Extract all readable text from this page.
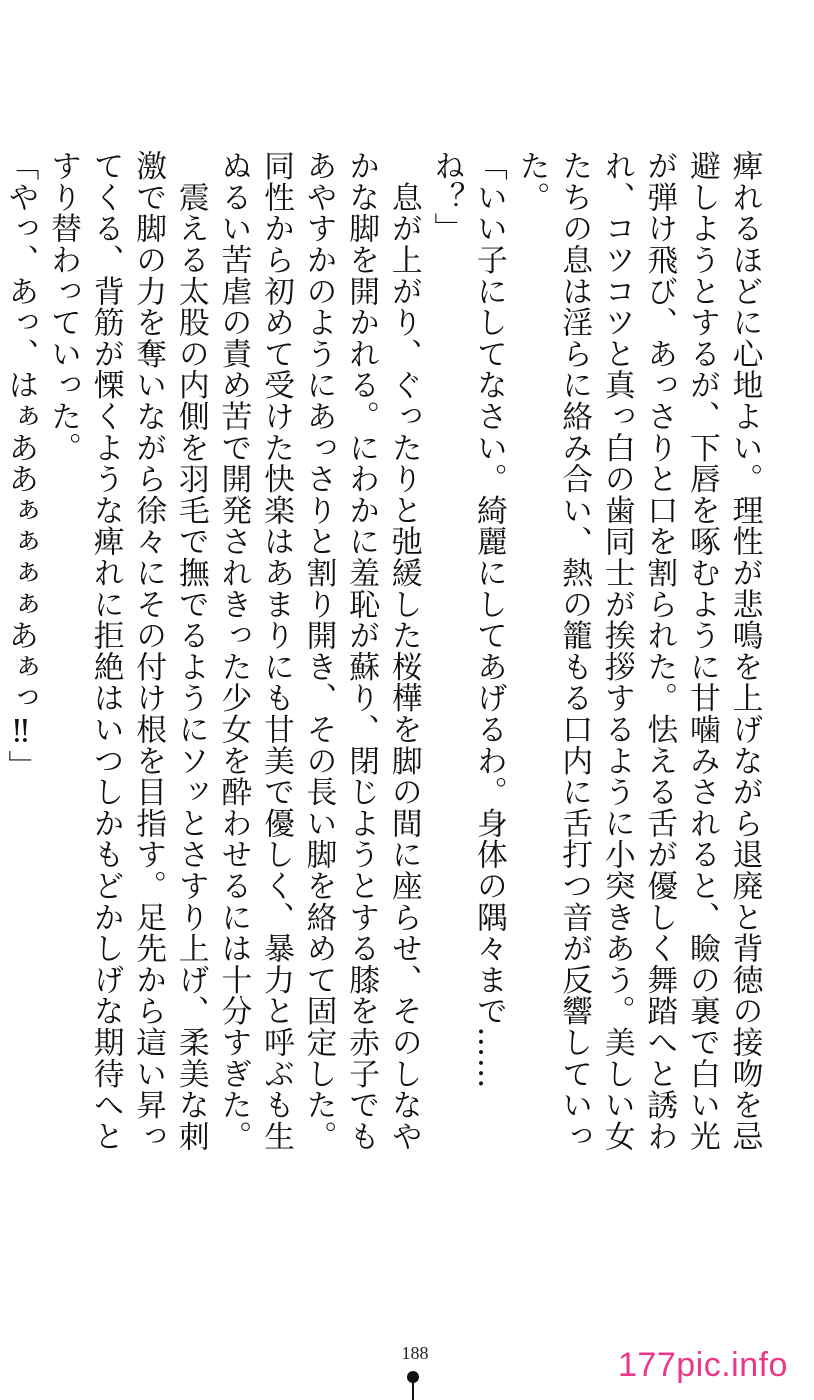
痺れるほどに心地よい。理性が悲鳴を上げながら退廃と背徳の接吻を忌避しようとするが、下唇を啄むように甘噛みされると、瞼の裏で白い光が弾け飛び、あっさりと口を割られた。怯える舌が優しく舞踏へと誘われ、コツコツと真っ白の歯同士が挨拶するように小突きあう。美しい女たちの息は淫らに絡み合い、熱の籠もる口内に舌打つ音が反響していった。

「いい子にしてなさい。綺麗にしてあげるわ。身体の隅々まで……ね？」

　息が上がり、ぐったりと弛緩した桜樺を脚の間に座らせ、そのしなやかな脚を開かれる。にわかに羞恥が蘇り、閉じようとする膝を赤子でもあやすかのようにあっさりと割り開き、その長い脚を絡めて固定した。同性から初めて受けた快楽はあまりにも甘美で優しく、暴力と呼ぶも生ぬるい苦虐の責め苦で開発されきった少女を酔わせるには十分すぎた。

　震える太股の内側を羽毛で撫でるようにソッとさすり上げ、柔美な刺激で脚の力を奪いながら徐々にその付け根を目指す。足先から這い昇ってくる、背筋が慄くような痺れに拒絶はいつしかもどかしげな期待へとすり替わっていった。

「やっ、あっ、はぁああぁぁぁぁあぁっ‼」

188	177pic.info
